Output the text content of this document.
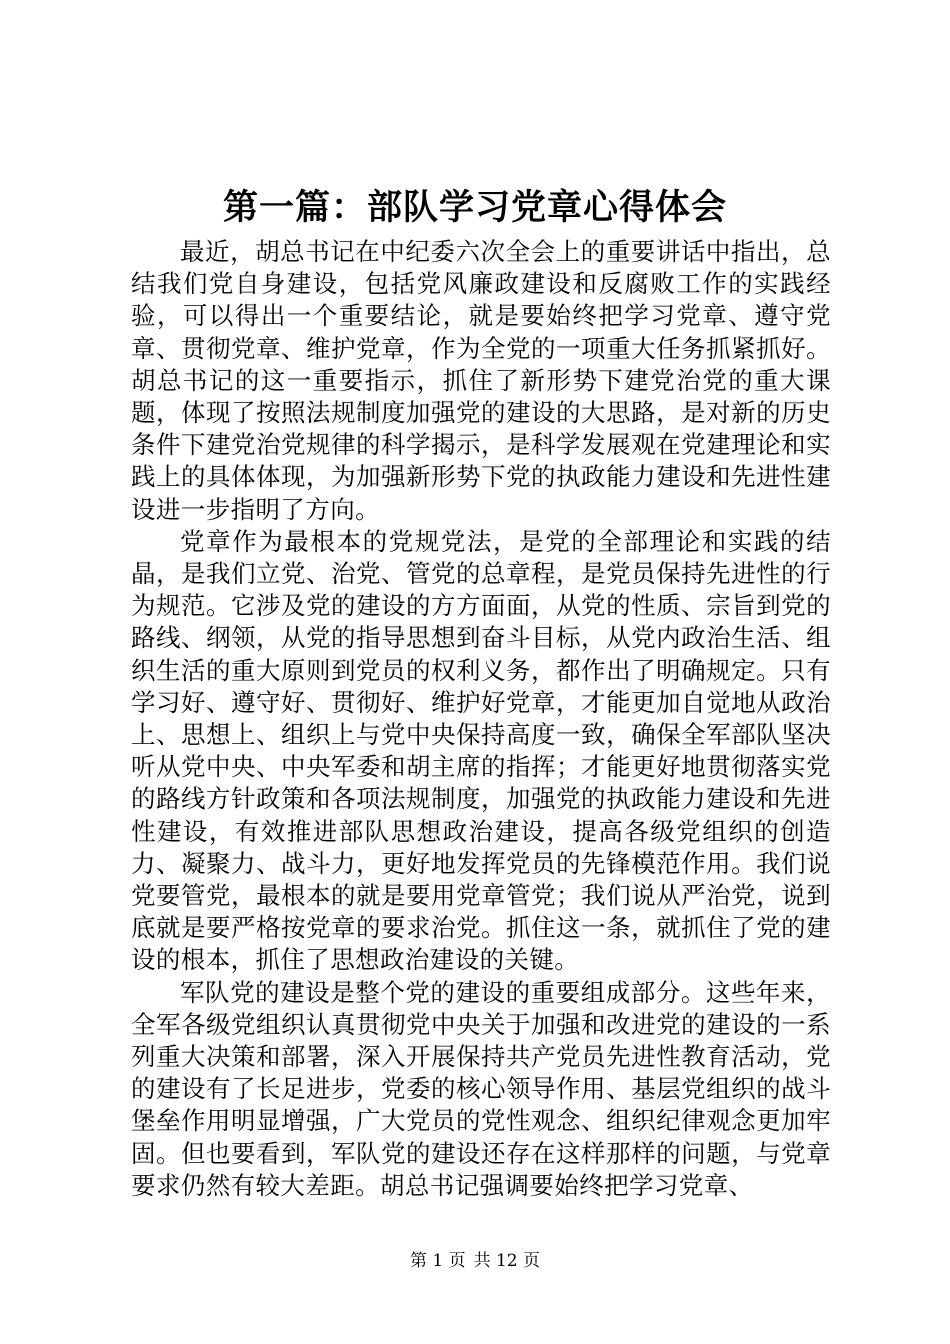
第一篇：部队学习党章心得体会

最近，胡总书记在中纪委六次全会上的重要讲话中指出，总结我们党自身建设，包括党风廉政建设和反腐败工作的实践经验，可以得出一个重要结论，就是要始终把学习党章、遵守党章、贯彻党章、维护党章，作为全党的一项重大任务抓紧抓好。胡总书记的这一重要指示，抓住了新形势下建党治党的重大课题，体现了按照法规制度加强党的建设的大思路，是对新的历史条件下建党治党规律的科学揭示，是科学发展观在党建理论和实践上的具体体现，为加强新形势下党的执政能力建设和先进性建设进一步指明了方向。

党章作为最根本的党规党法，是党的全部理论和实践的结晶，是我们立党、治党、管党的总章程，是党员保持先进性的行为规范。它涉及党的建设的方方面面，从党的性质、宗旨到党的路线、纲领，从党的指导思想到奋斗目标，从党内政治生活、组织生活的重大原则到党员的权利义务，都作出了明确规定。只有学习好、遵守好、贯彻好、维护好党章，才能更加自觉地从政治上、思想上、组织上与党中央保持高度一致，确保全军部队坚决听从党中央、中央军委和胡主席的指挥；才能更好地贯彻落实党的路线方针政策和各项法规制度，加强党的执政能力建设和先进性建设，有效推进部队思想政治建设，提高各级党组织的创造力、凝聚力、战斗力，更好地发挥党员的先锋模范作用。我们说党要管党，最根本的就是要用党章管党；我们说从严治党，说到底就是要严格按党章的要求治党。抓住这一条，就抓住了党的建设的根本，抓住了思想政治建设的关键。

军队党的建设是整个党的建设的重要组成部分。这些年来，全军各级党组织认真贯彻党中央关于加强和改进党的建设的一系列重大决策和部署，深入开展保持共产党员先进性教育活动，党的建设有了长足进步，党委的核心领导作用、基层党组织的战斗堡垒作用明显增强，广大党员的党性观念、组织纪律观念更加牢固。但也要看到，军队党的建设还存在这样那样的问题，与党章要求仍然有较大差距。胡总书记强调要始终把学习党章、

第 1 页 共 12 页
